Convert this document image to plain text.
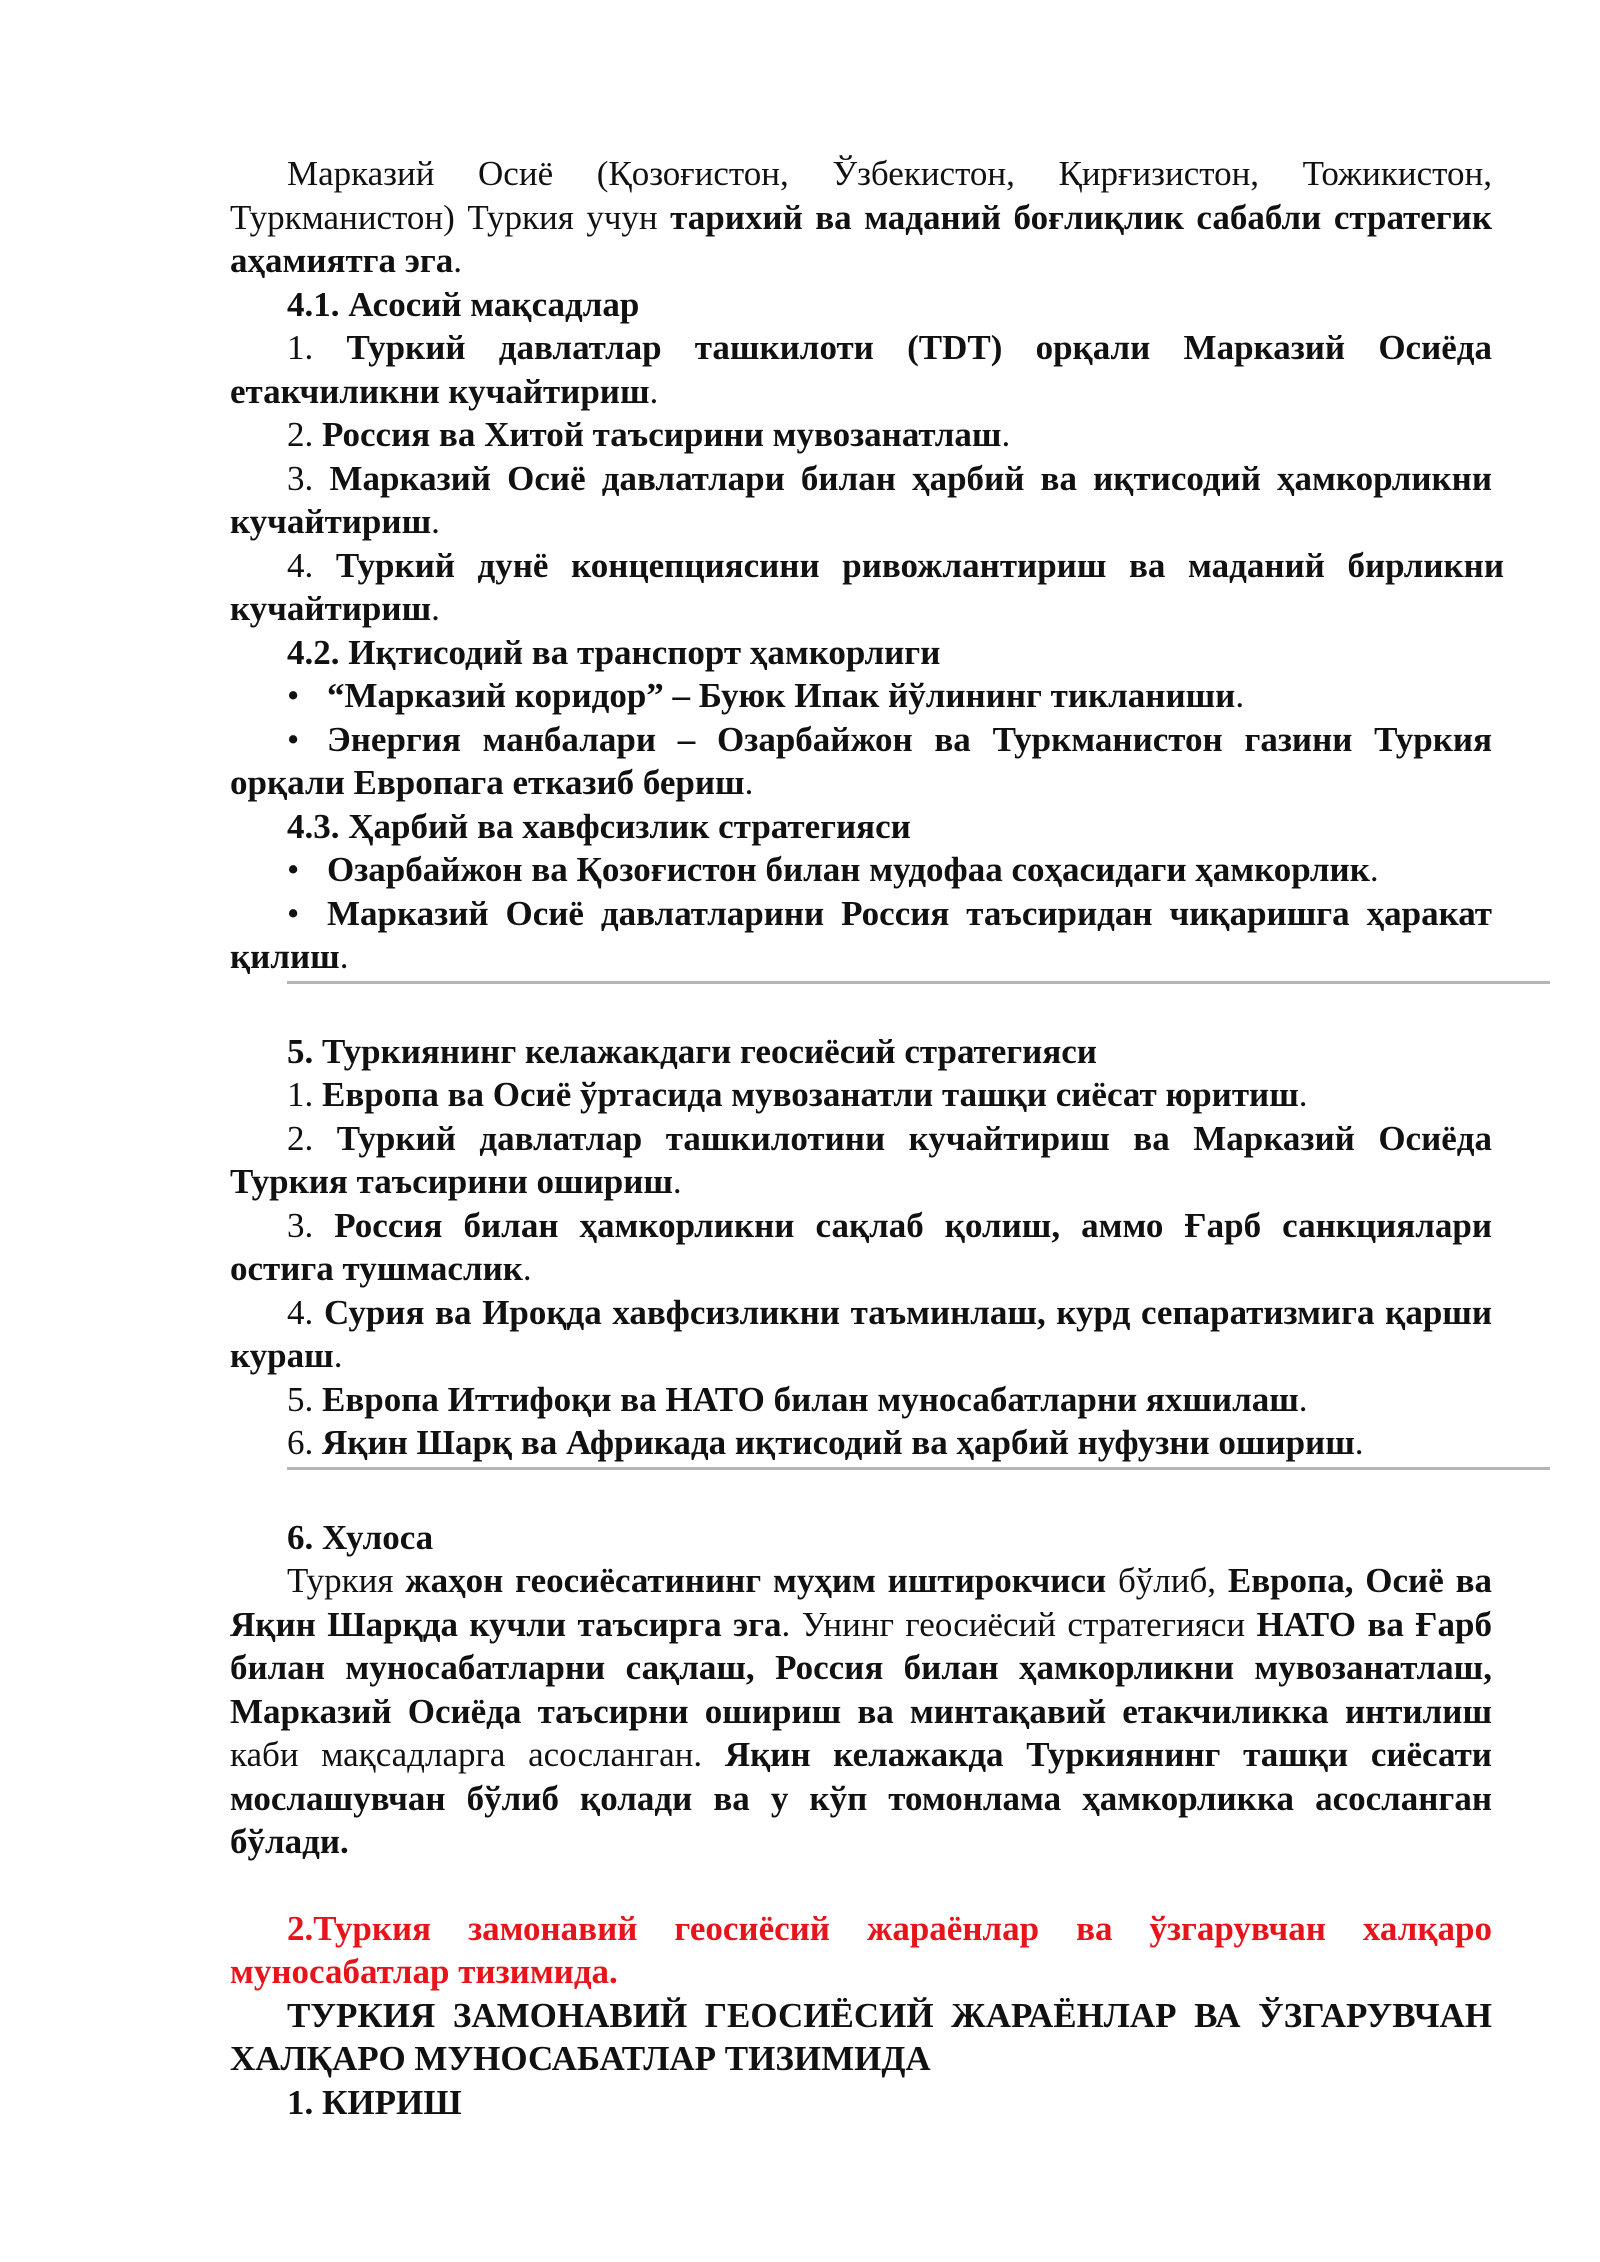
Марказий Осиё (Қозоғистон, Ўзбекистон, Қирғизистон, Тожикистон, Туркманистон) Туркия учун тарихий ва маданий боғлиқлик сабабли стратегик аҳамиятга эга.

4.1. Асосий мақсадлар

1. Туркий давлатлар ташкилоти (TDT) орқали Марказий Осиёда етакчиликни кучайтириш.

2. Россия ва Хитой таъсирини мувозанатлаш.

3. Марказий Осиё давлатлари билан ҳарбий ва иқтисодий ҳамкорликни кучайтириш.

4. Туркий дунё концепциясини ривожлантириш ва маданий бирликни кучайтириш.

4.2. Иқтисодий ва транспорт ҳамкорлиги

• “Марказий коридор” – Буюк Ипак йўлининг тикланиши.

• Энергия манбалари – Озарбайжон ва Туркманистон газини Туркия орқали Европага етказиб бериш.

4.3. Ҳарбий ва хавфсизлик стратегияси

• Озарбайжон ва Қозоғистон билан мудофаа соҳасидаги ҳамкорлик.

• Марказий Осиё давлатларини Россия таъсиридан чиқаришга ҳаракат қилиш.

5. Туркиянинг келажакдаги геосиёсий стратегияси

1. Европа ва Осиё ўртасида мувозанатли ташқи сиёсат юритиш.

2. Туркий давлатлар ташкилотини кучайтириш ва Марказий Осиёда Туркия таъсирини ошириш.

3. Россия билан ҳамкорликни сақлаб қолиш, аммо Ғарб санкциялари остига тушмаслик.

4. Сурия ва Ироқда хавфсизликни таъминлаш, курд сепаратизмига қарши кураш.

5. Европа Иттифоқи ва НАТО билан муносабатларни яхшилаш.

6. Яқин Шарқ ва Африкада иқтисодий ва ҳарбий нуфузни ошириш.

6. Хулоса

Туркия жаҳон геосиёсатининг муҳим иштирокчиси бўлиб, Европа, Осиё ва Яқин Шарқда кучли таъсирга эга. Унинг геосиёсий стратегияси НАТО ва Ғарб билан муносабатларни сақлаш, Россия билан ҳамкорликни мувозанатлаш, Марказий Осиёда таъсирни ошириш ва минтақавий етакчиликка интилиш каби мақсадларга асосланган. Яқин келажакда Туркиянинг ташқи сиёсати мослашувчан бўлиб қолади ва у кўп томонлама ҳамкорликка асосланган бўлади.

2.Туркия замонавий геосиёсий жараёнлар ва ўзгарувчан халқаро муносабатлар тизимида.

ТУРКИЯ ЗАМОНАВИЙ ГЕОСИЁСИЙ ЖАРАЁНЛАР ВА ЎЗГАРУВЧАН ХАЛҚАРО МУНОСАБАТЛАР ТИЗИМИДА

1. КИРИШ
